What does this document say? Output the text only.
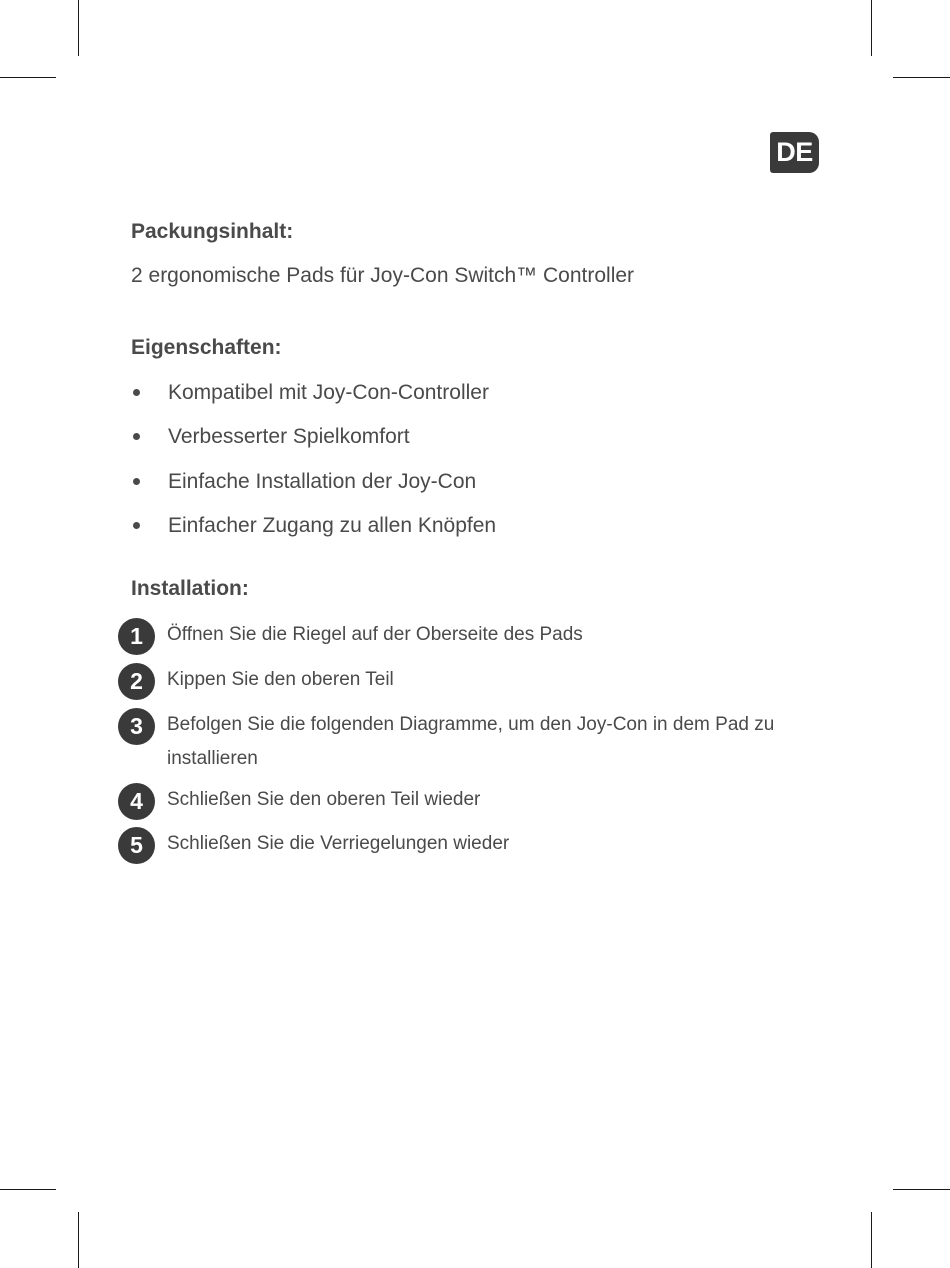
DE
Packungsinhalt:
2 ergonomische Pads für Joy-Con Switch™ Controller
Eigenschaften:
Kompatibel mit Joy-Con-Controller
Verbesserter Spielkomfort
Einfache Installation der Joy-Con
Einfacher Zugang zu allen Knöpfen
Installation:
1	Öffnen Sie die Riegel auf der Oberseite des Pads
2	Kippen Sie den oberen Teil
3	Befolgen Sie die folgenden Diagramme, um den Joy-Con in dem Pad zu installieren
4	Schließen Sie den oberen Teil wieder
5	Schließen Sie die Verriegelungen wieder
